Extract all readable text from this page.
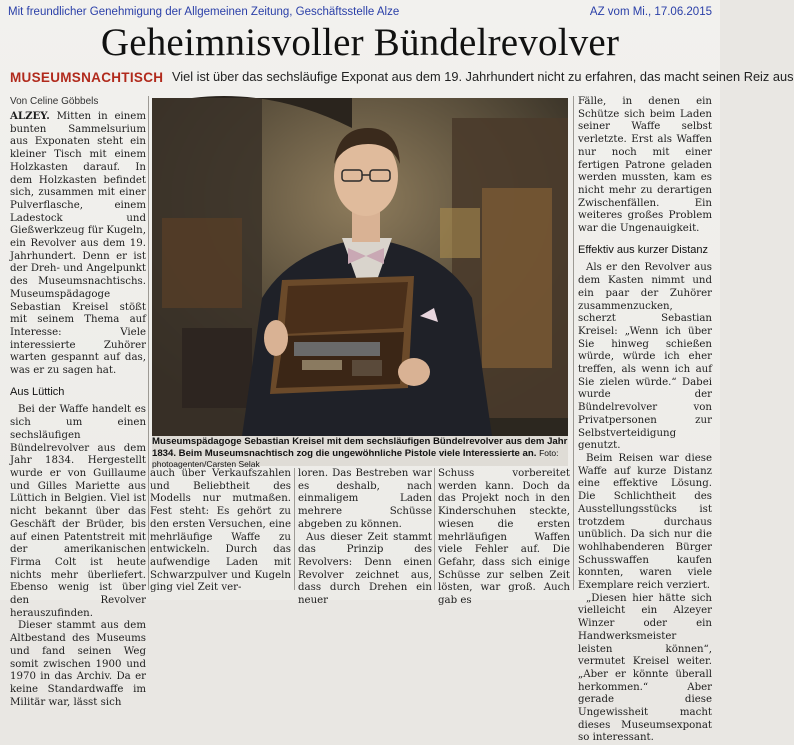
Mit freundlicher Genehmigung der Allgemeinen Zeitung, Geschäftsstelle Alze	AZ vom Mi., 17.06.2015
Geheimnisvoller Bündelrevolver
MUSEUMSNACHTISCH Viel ist über das sechsläufige Exponat aus dem 19. Jahrhundert nicht zu erfahren, das macht seinen Reiz aus
Von Celine Göbbels

ALZEY. Mitten in einem bunten Sammelsurium aus Exponaten steht ein kleiner Tisch mit einem Holzkasten darauf. In dem Holzkasten befindet sich, zusammen mit einer Pulverflasche, einem Ladestock und Gießwerkzeug für Kugeln, ein Revolver aus dem 19. Jahrhundert. Denn er ist der Dreh- und Angelpunkt des Museumsnachtischs. Museumspädagoge Sebastian Kreisel stößt mit seinem Thema auf Interesse: Viele interessierte Zuhörer warten gespannt auf das, was er zu sagen hat.

Aus Lüttich

Bei der Waffe handelt es sich um einen sechsläufigen Bündelrevolver aus dem Jahr 1834. Hergestellt wurde er von Guillaume und Gilles Mariette aus Lüttich in Belgien. Viel ist nicht bekannt über das Geschäft der Brüder, bis auf einen Patentstreit mit der amerikanischen Firma Colt ist heute nichts mehr überliefert. Ebenso wenig ist über den Revolver herauszufinden.

Dieser stammt aus dem Altbestand des Museums und fand seinen Weg somit zwischen 1900 und 1970 in das Archiv. Da er keine Standardwaffe im Militär war, lässt sich

Museumspädagoge Sebastian Kreisel mit dem sechsläufigen Bündelrevolver aus dem Jahr 1834. Beim Museumsnachtisch zog die ungewöhnliche Pistole viele Interessierte an. Foto: photoagenten/Carsten Selak

auch über Verkaufszahlen und Beliebtheit des Modells nur mutmaßen. Fest steht: Es gehört zu den ersten Versuchen, eine mehrläufige Waffe zu entwickeln. Durch das aufwendige Laden mit Schwarzpulver und Kugeln ging viel Zeit ver-

loren. Das Bestreben war es deshalb, nach einmaligem Laden mehrere Schüsse abgeben zu können.

Aus dieser Zeit stammt das Prinzip des Revolvers: Denn einen Revolver zeichnet aus, dass durch Drehen ein neuer

Schuss vorbereitet werden kann. Doch da das Projekt noch in den Kinderschuhen steckte, wiesen die ersten mehrläufigen Waffen viele Fehler auf. Die Gefahr, dass sich einige Schüsse zur selben Zeit lösten, war groß. Auch gab es

Fälle, in denen ein Schütze sich beim Laden seiner Waffe selbst verletzte. Erst als Waffen nur noch mit einer fertigen Patrone geladen werden mussten, kam es nicht mehr zu derartigen Zwischenfällen. Ein weiteres großes Problem war die Ungenauigkeit.

Effektiv aus kurzer Distanz

Als er den Revolver aus dem Kasten nimmt und ein paar der Zuhörer zusammenzucken, scherzt Sebastian Kreisel: „Wenn ich über Sie hinweg schießen würde, würde ich eher treffen, als wenn ich auf Sie zielen würde.“ Dabei wurde der Bündelrevolver von Privatpersonen zur Selbstverteidigung genutzt.

Beim Reisen war diese Waffe auf kurze Distanz eine effektive Lösung. Die Schlichtheit des Ausstellungsstücks ist trotzdem durchaus unüblich. Da sich nur die wohlhabenderen Bürger Schusswaffen kaufen konnten, waren viele Exemplare reich verziert.

„Diesen hier hätte sich vielleicht ein Alzeyer Winzer oder ein Handwerksmeister leisten können“, vermutet Kreisel weiter. „Aber er könnte überall herkommen.“ Aber gerade diese Ungewissheit macht dieses Museumsexponat so interessant.
